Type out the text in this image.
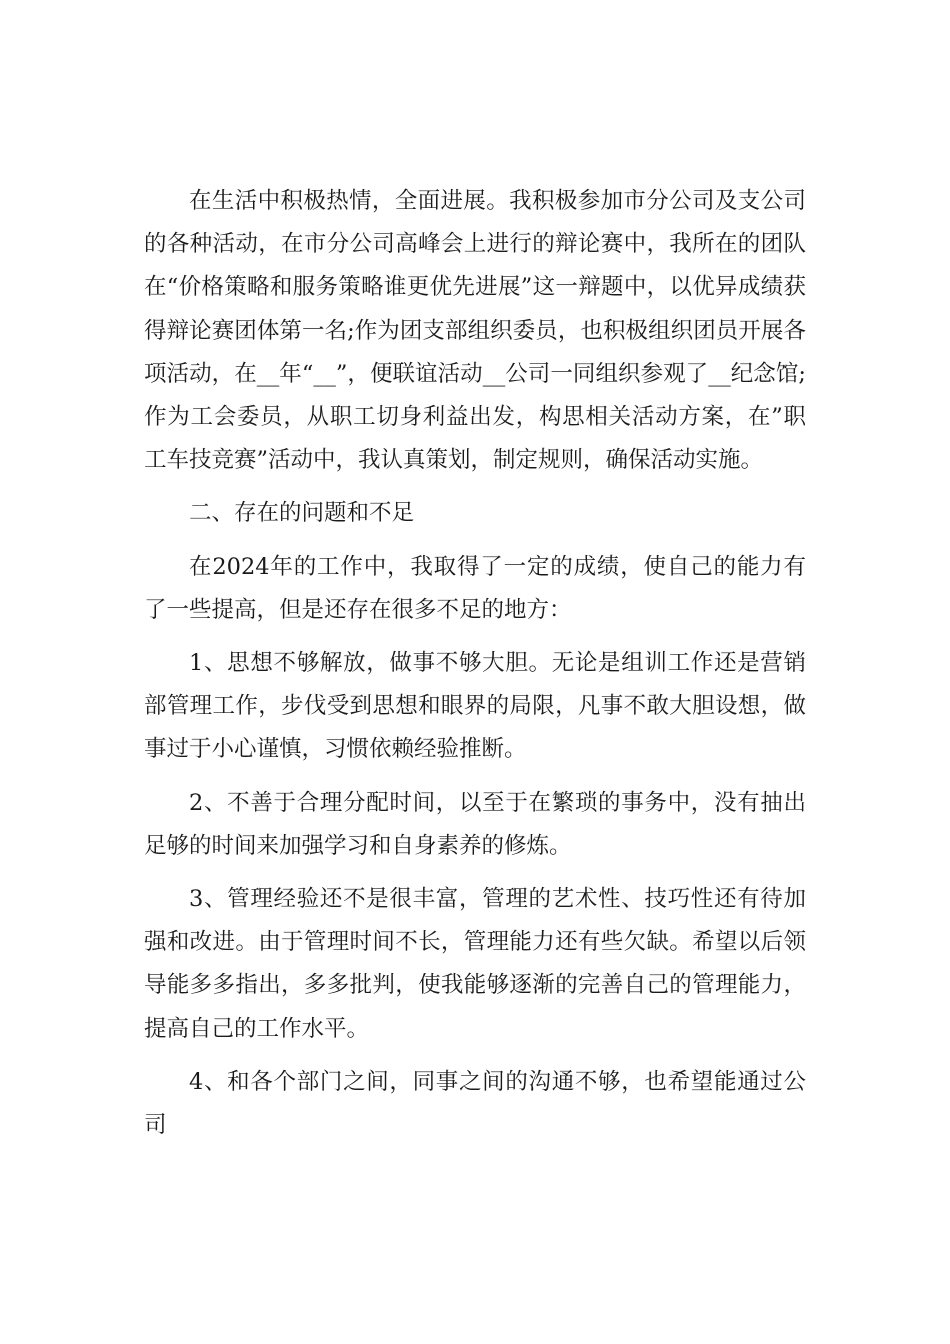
在生活中积极热情，全面进展。我积极参加市分公司及支公司的各种活动，在市分公司高峰会上进行的辩论赛中，我所在的团队在“价格策略和服务策略谁更优先进展”这一辩题中，以优异成绩获得辩论赛团体第一名;作为团支部组织委员，也积极组织团员开展各项活动，在__年“__”，便联谊活动__公司一同组织参观了__纪念馆;作为工会委员，从职工切身利益出发，构思相关活动方案，在”职工车技竞赛”活动中，我认真策划，制定规则，确保活动实施。

二、存在的问题和不足

在2024年的工作中，我取得了一定的成绩，使自己的能力有了一些提高，但是还存在很多不足的地方：

1、思想不够解放，做事不够大胆。无论是组训工作还是营销部管理工作，步伐受到思想和眼界的局限，凡事不敢大胆设想，做事过于小心谨慎，习惯依赖经验推断。

2、不善于合理分配时间，以至于在繁琐的事务中，没有抽出足够的时间来加强学习和自身素养的修炼。

3、管理经验还不是很丰富，管理的艺术性、技巧性还有待加强和改进。由于管理时间不长，管理能力还有些欠缺。希望以后领导能多多指出，多多批判，使我能够逐渐的完善自己的管理能力，提高自己的工作水平。

4、和各个部门之间，同事之间的沟通不够，也希望能通过公司
